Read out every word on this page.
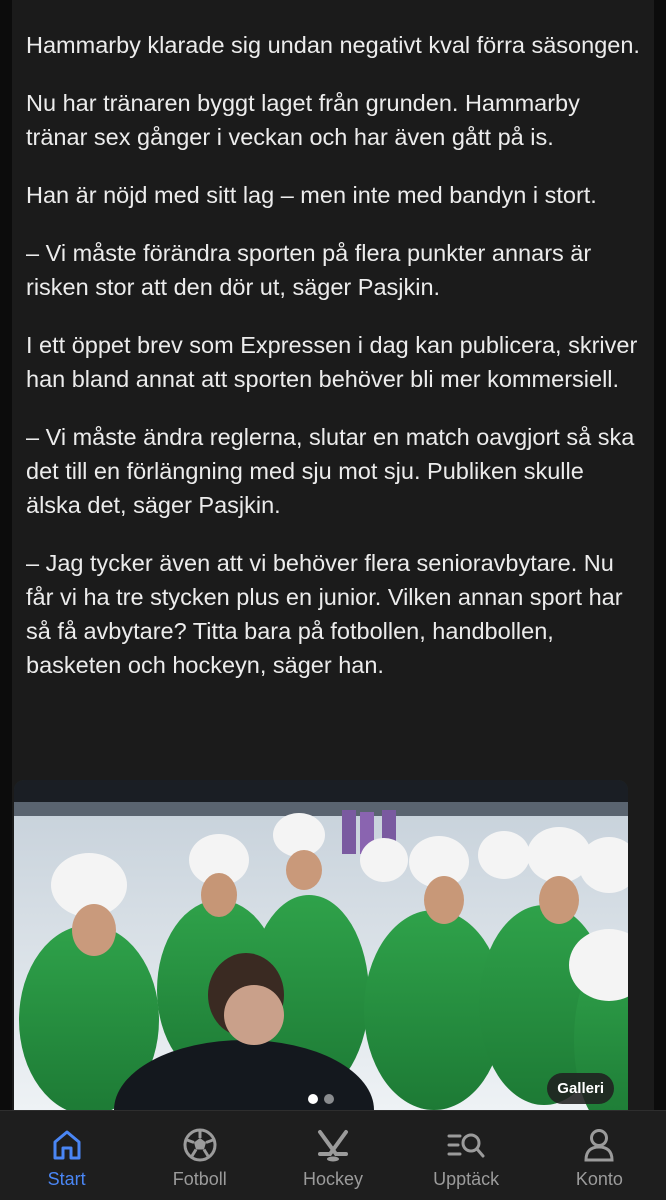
Hammarby klarade sig undan negativt kval förra säsongen.

Nu har tränaren byggt laget från grunden. Hammarby tränar sex gånger i veckan och har även gått på is.

Han är nöjd med sitt lag – men inte med bandyn i stort.

– Vi måste förändra sporten på flera punkter annars är risken stor att den dör ut, säger Pasjkin.

I ett öppet brev som Expressen i dag kan publicera, skriver han bland annat att sporten behöver bli mer kommersiell.

– Vi måste ändra reglerna, slutar en match oavgjort så ska det till en förlängning med sju mot sju. Publiken skulle älska det, säger Pasjkin.

– Jag tycker även att vi behöver flera senioravbytare. Nu får vi ha tre stycken plus en junior. Vilken annan sport har så få avbytare? Titta bara på fotbollen, handbollen, basketen och hockeyn, säger han.

Galleri
Start	Fotboll	Hockey	Upptäck	Konto
